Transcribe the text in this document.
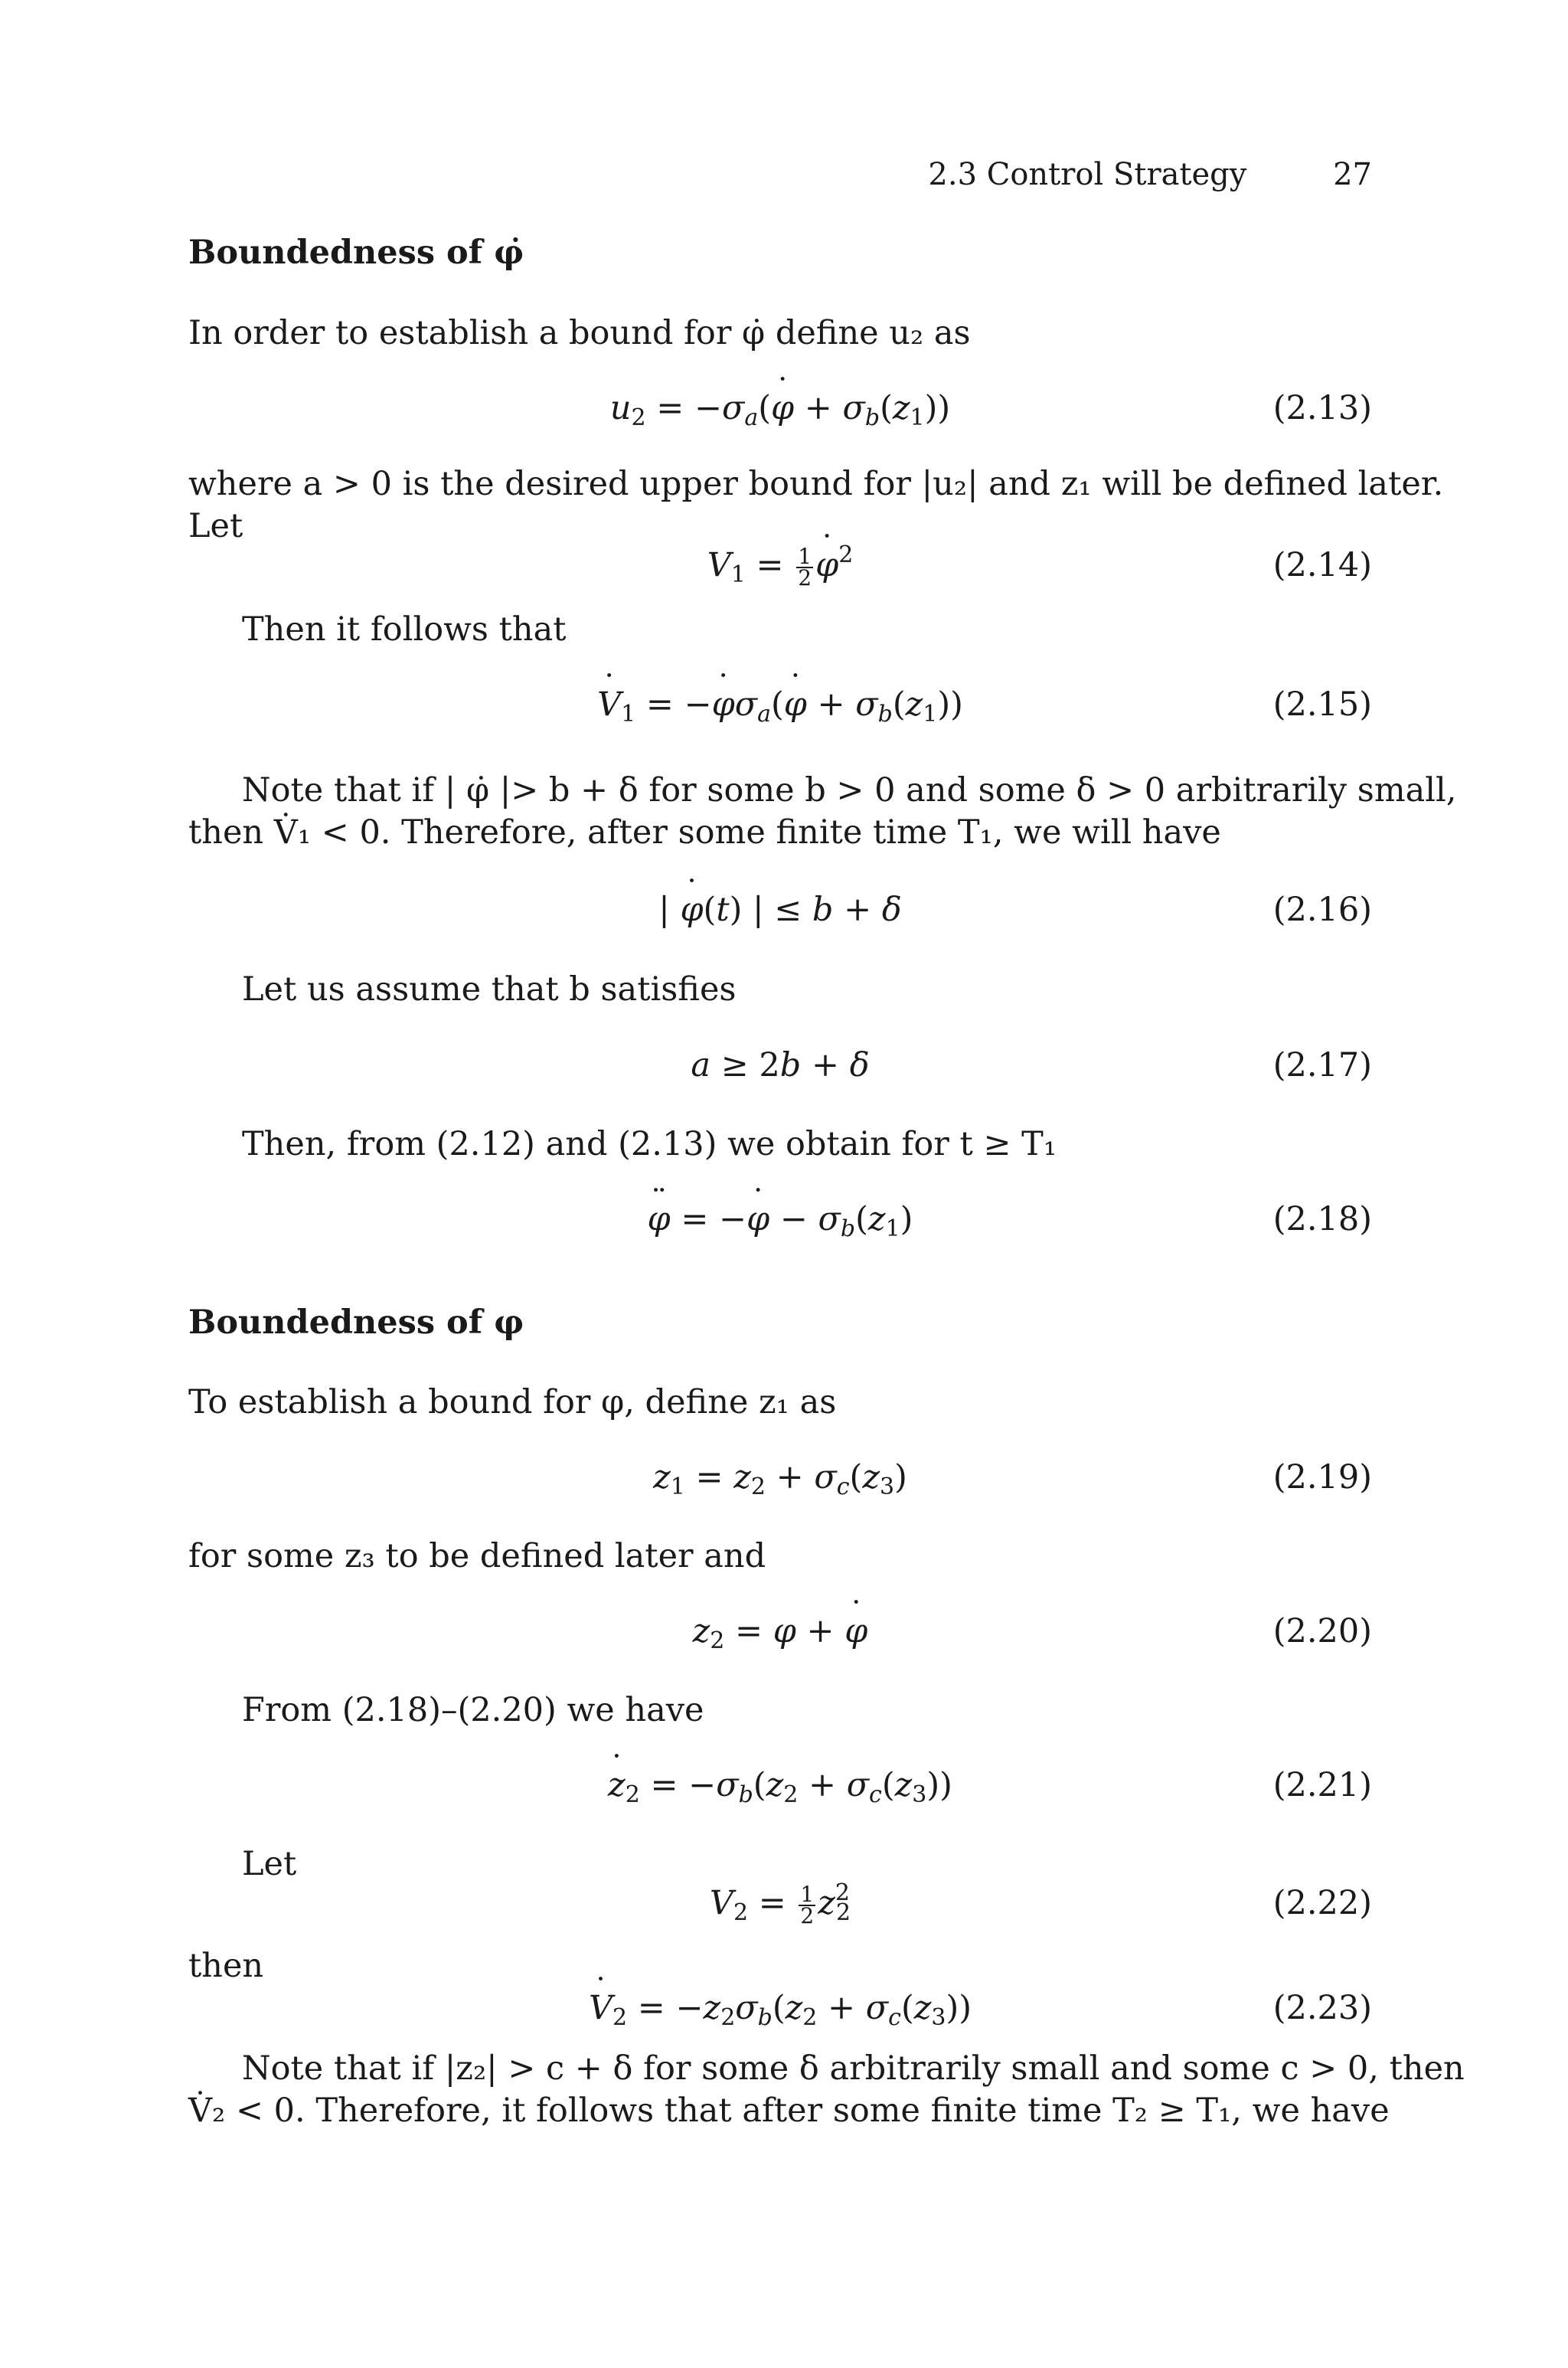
2.3 Control Strategy	27
Boundedness of φ̇
In order to establish a bound for φ̇ define u₂ as
$u_2$ = $-\sigma_a(˙$ $\varphi + \sigma_b(z_1)$)	(2.13)
where a > 0 is the desired upper bound for |u₂| and z₁ will be defined later.
Let
$V_1 = \frac{1}{2}$
˙ $\varphi^2$	(2.14)
Then it follows that
˙ $V_1$ = −˙ $\varphi\sigma_a(˙$ $\varphi + \sigma_b(z_1)$)	(2.15)
Note that if | φ̇ |> b + δ for some b > 0 and some δ > 0 arbitrarily small,
then V̇₁ < 0. Therefore, after some finite time T₁, we will have
| ˙ φ(t) | ≤ b + δ	(2.16)
Let us assume that b satisfies
a ≥ 2b + δ	(2.17)
Then, from (2.12) and (2.13) we obtain for t ≥ T₁
¨ φ = −˙ $\varphi - \sigma_b(z_1)$	(2.18)
Boundedness of φ
To establish a bound for φ, define z₁ as
$z_1 = z_2 + \sigma_c(z_3)$	(2.19)
for some z₃ to be defined later and
$z_2 = \varphi$ + ˙ φ	(2.20)
From (2.18)–(2.20) we have
˙ $z_2 = -\sigma_b(z_2 + \sigma_c(z_3))$	(2.21)
Let
$V_2 = \frac{1}{2} z^2_2$	(2.22)
then
˙ $V_2 = -z_2\sigma_b(z_2 + \sigma_c(z_3))$	(2.23)
Note that if |z₂| > c + δ for some δ arbitrarily small and some c > 0, then
V̇₂ < 0. Therefore, it follows that after some finite time T₂ ≥ T₁, we have
